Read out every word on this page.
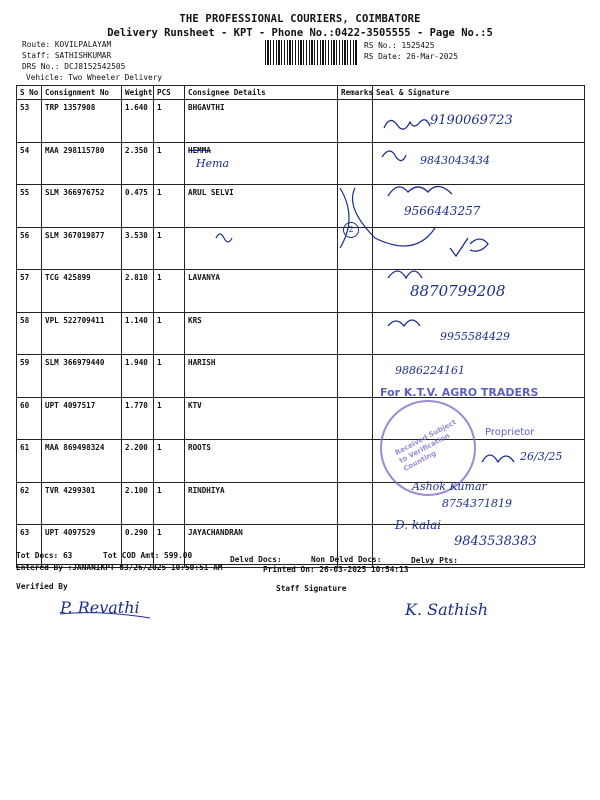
THE PROFESSIONAL COURIERS, COIMBATORE
Delivery Runsheet - KPT - Phone No.:0422-3505555 - Page No.:5
Route: KOVILPALAYAM
Staff: SATHISHKUMAR
DRS No.: DCJ8152542505
Vehicle: Two Wheeler Delivery
RS No.: 1525425
RS Date: 26-Mar-2025
S No	Consignment No	Weight	PCS	Consignee Details	Remarks	Seal & Signature
53	TRP 1357908	1.640	1	BHGAVTHI		
54	MAA 298115780	2.350	1	HEMMA		
55	SLM 366976752	0.475	1	ARUL SELVI		
56	SLM 367019877	3.530	1			
57	TCG 425899	2.810	1	LAVANYA		
58	VPL 522709411	1.140	1	KRS		
59	SLM 366979440	1.940	1	HARISH		
60	UPT 4097517	1.770	1	KTV		
61	MAA 869498324	2.200	1	ROOTS		
62	TVR 4299301	2.100	1	RINDHIYA		
63	UPT 4097529	0.290	1	JAYACHANDRAN		
Hema
2
9190069723
9843043434
9566443257
8870799208
9955584429
9886224161
For K.T.V. AGRO TRADERS
Proprietor
Received Subject to Verification Counting	26/3/25
Ashok Kumar
8754371819
D. kalai
9843538383
Tot Docs: 63	Tot COD Amt: 599.00	Delvd Docs:	Non Delvd Docs:	Delvy Pts:
Entered By :JANANIKPT 03/26/2025 10:50:51 AM	Printed On: 26-03-2025 10:54:13
Verified By	Staff Signature
P. Revathi	K. Sathish
